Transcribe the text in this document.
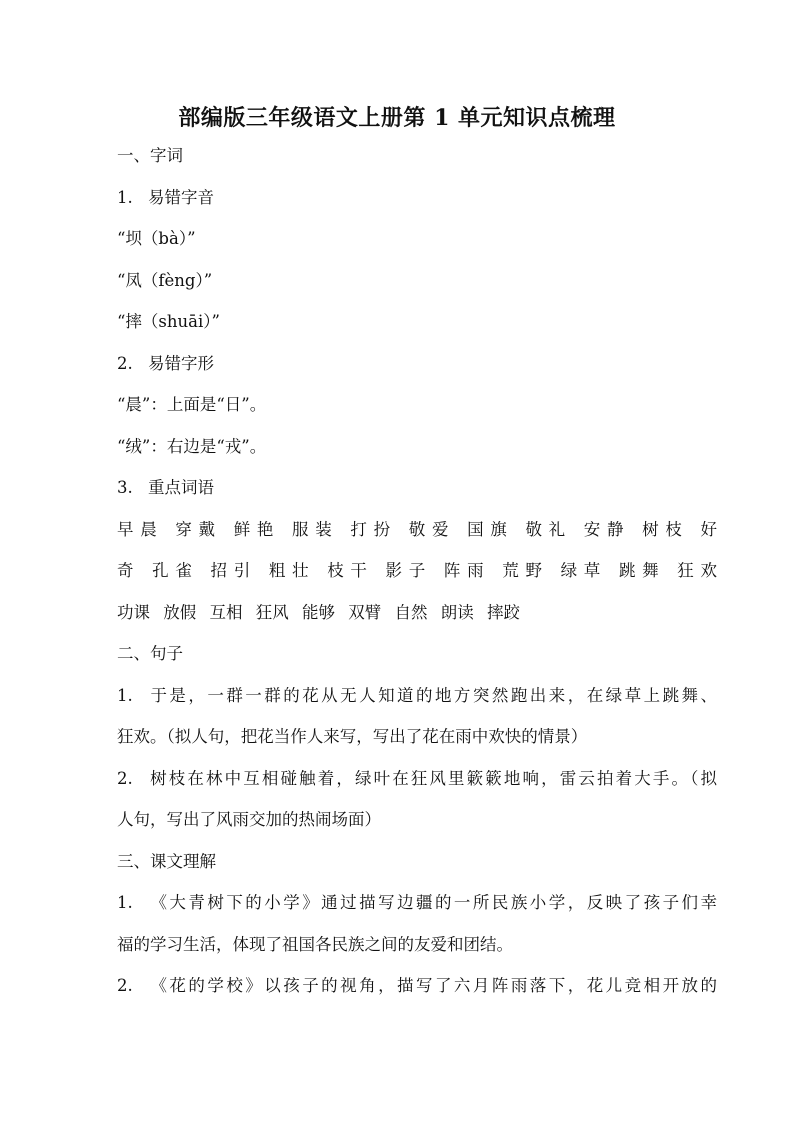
部编版三年级语文上册第 1 单元知识点梳理
一、字词
1. 易错字音
“坝（bà）”
“凤（fèng）”
“摔（shuāi）”
2. 易错字形
“晨”：上面是“日”。
“绒”：右边是“戎”。
3. 重点词语
早晨 穿戴 鲜艳 服装 打扮 敬爱 国旗 敬礼 安静 树枝 好
奇 孔雀 招引 粗壮 枝干 影子 阵雨 荒野 绿草 跳舞 狂欢
功课 放假 互相 狂风 能够 双臂 自然 朗读 摔跤
二、句子
1. 于是，一群一群的花从无人知道的地方突然跑出来，在绿草上跳舞、
狂欢。（拟人句，把花当作人来写，写出了花在雨中欢快的情景）
2. 树枝在林中互相碰触着，绿叶在狂风里簌簌地响，雷云拍着大手。（拟
人句，写出了风雨交加的热闹场面）
三、课文理解
1. 《大青树下的小学》通过描写边疆的一所民族小学，反映了孩子们幸
福的学习生活，体现了祖国各民族之间的友爱和团结。
2. 《花的学校》以孩子的视角，描写了六月阵雨落下，花儿竞相开放的
